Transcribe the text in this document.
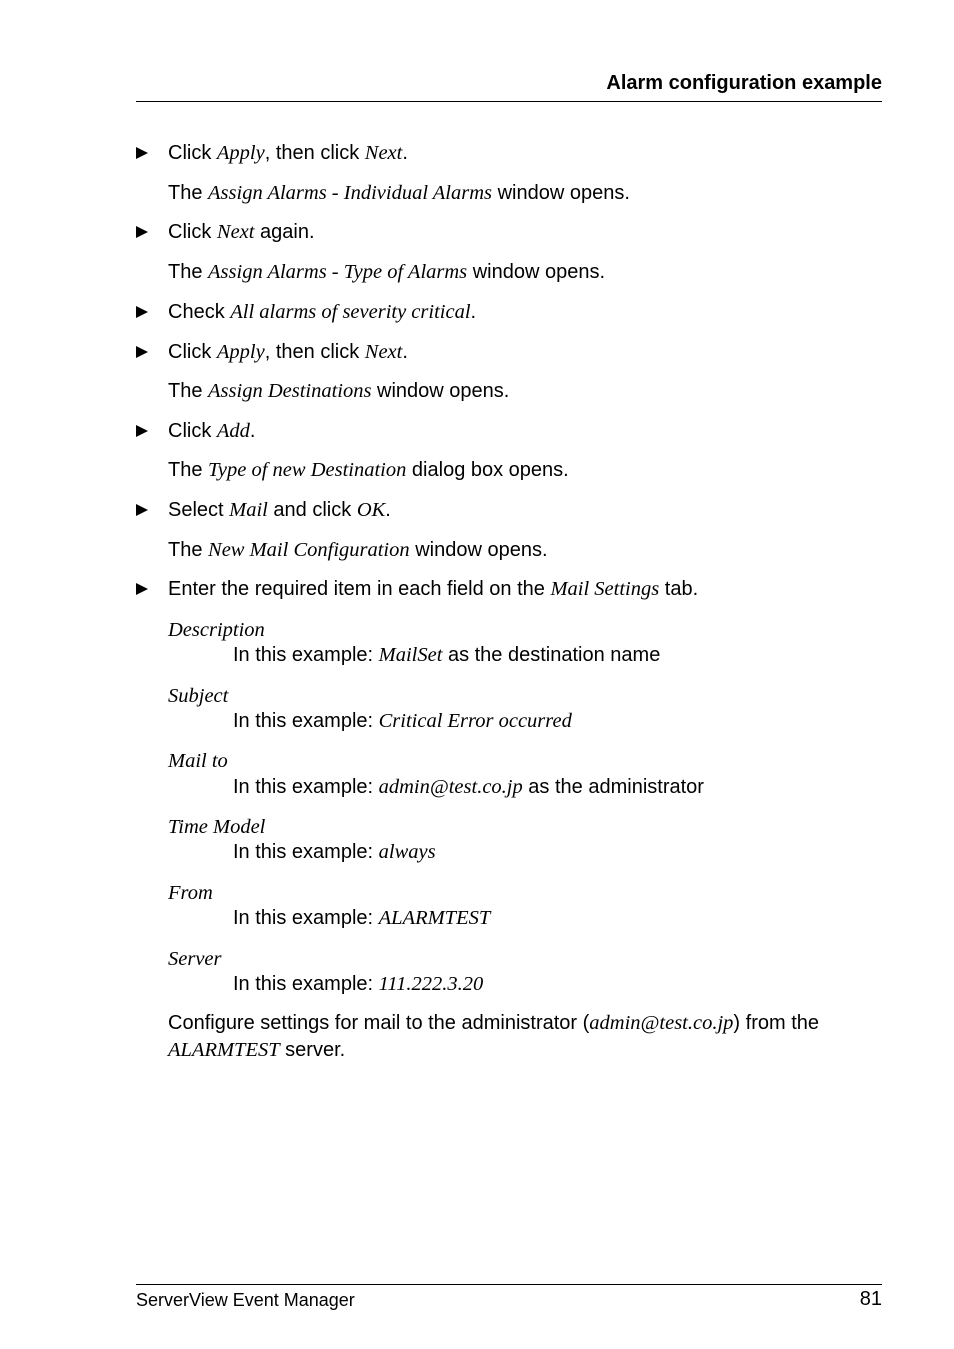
Alarm configuration example
Click Apply, then click Next.
The Assign Alarms - Individual Alarms window opens.
Click Next again.
The Assign Alarms - Type of Alarms window opens.
Check All alarms of severity critical.
Click Apply, then click Next.
The Assign Destinations window opens.
Click Add.
The Type of new Destination dialog box opens.
Select Mail and click OK.
The New Mail Configuration window opens.
Enter the required item in each field on the Mail Settings tab.
Description
In this example: MailSet as the destination name
Subject
In this example: Critical Error occurred
Mail to
In this example: admin@test.co.jp as the administrator
Time Model
In this example: always
From
In this example: ALARMTEST
Server
In this example: 111.222.3.20
Configure settings for mail to the administrator (admin@test.co.jp) from the
ALARMTEST server.
ServerView Event Manager	81
